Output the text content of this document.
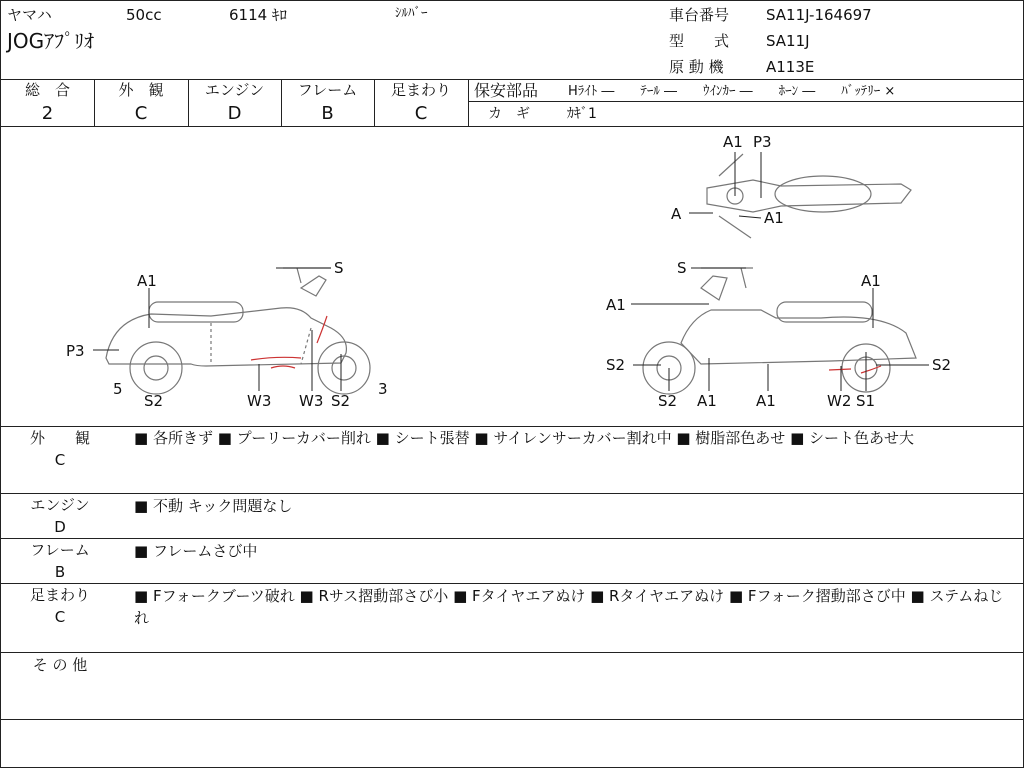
ヤマハ	50cc	6114 ｷﾛ	ｼﾙﾊﾞｰ
JOGｱﾌﾟﾘｵ
車台番号 SA11J-164697
型　　式 SA11J
原 動 機	A113E
総　合
2
外　観
C
エンジン
D
フレーム
B
足まわり
C
保安部品 Hﾗｲﾄ ―　　ﾃｰﾙ ―　　ｳｲﾝｶｰ ―　　ﾎｰﾝ ―　　ﾊﾞｯﾃﾘｰ ×
カ　ギ	ｶｷﾞ1
S
A1
P3
5
S2	W3 W3 S2
3
S
A1
A1
S2
S2 A1	A1	W2 S1
S2
A1 P3
A	A1
外　　観
C
■ 各所きず ■ プーリーカバー削れ ■ シート張替 ■ サイレンサーカバー割れ中 ■ 樹脂部色あせ ■ シート色あせ大
エンジン
D
■ 不動 キック問題なし
フレーム
B
■ フレームさび中
足まわり
C
■ Fフォークブーツ破れ ■ Rサス摺動部さび小 ■ Fタイヤエアぬけ ■ Rタイヤエアぬけ ■ Fフォーク摺動部さび中 ■ ステムねじれ
そ の 他
